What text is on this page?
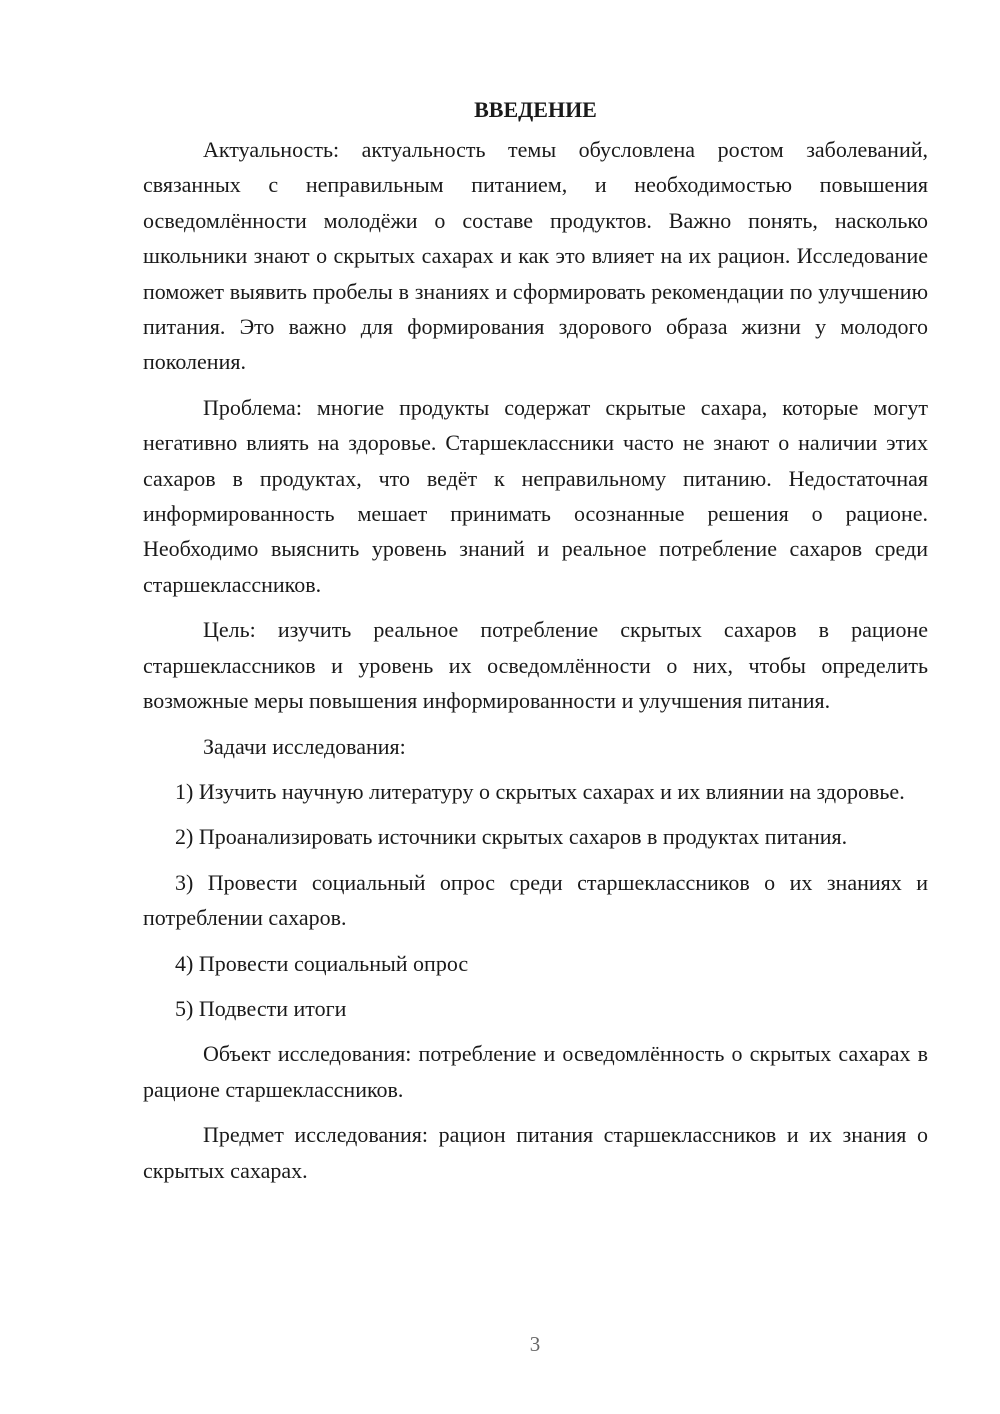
ВВЕДЕНИЕ

Актуальность: актуальность темы обусловлена ростом заболеваний, связанных с неправильным питанием, и необходимостью повышения осведомлённости молодёжи о составе продуктов. Важно понять, насколько школьники знают о скрытых сахарах и как это влияет на их рацион. Исследование поможет выявить пробелы в знаниях и сформировать рекомендации по улучшению питания. Это важно для формирования здорового образа жизни у молодого поколения.

Проблема: многие продукты содержат скрытые сахара, которые могут негативно влиять на здоровье. Старшеклассники часто не знают о наличии этих сахаров в продуктах, что ведёт к неправильному питанию. Недостаточная информированность мешает принимать осознанные решения о рационе. Необходимо выяснить уровень знаний и реальное потребление сахаров среди старшеклассников.

Цель: изучить реальное потребление скрытых сахаров в рационе старшеклассников и уровень их осведомлённости о них, чтобы определить возможные меры повышения информированности и улучшения питания.

Задачи исследования:

1) Изучить научную литературу о скрытых сахарах и их влиянии на здоровье.

2) Проанализировать источники скрытых сахаров в продуктах питания.

3) Провести социальный опрос среди старшеклассников о их знаниях и потреблении сахаров.

4) Провести социальный опрос

5) Подвести итоги

Объект исследования: потребление и осведомлённость о скрытых сахарах в рационе старшеклассников.

Предмет исследования: рацион питания старшеклассников и их знания о скрытых сахарах.

3
